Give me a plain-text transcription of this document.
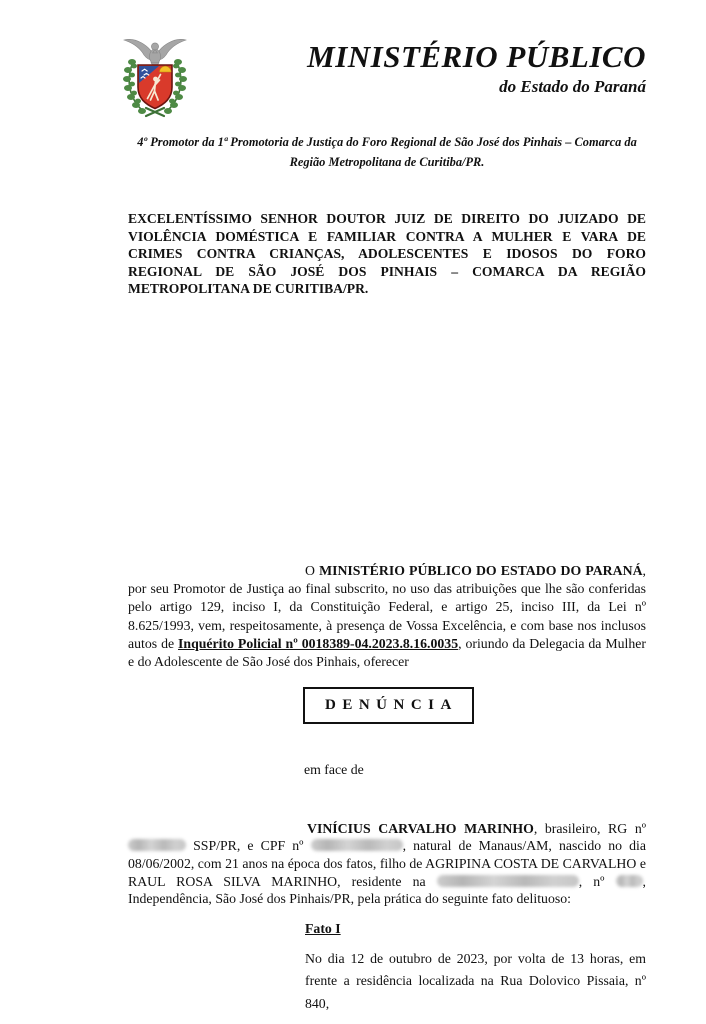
MINISTÉRIO PÚBLICO
do Estado do Paraná
4º Promotor da 1ª Promotoria de Justiça do Foro Regional de São José dos Pinhais – Comarca da Região Metropolitana de Curitiba/PR.
EXCELENTÍSSIMO SENHOR DOUTOR JUIZ DE DIREITO DO JUIZADO DE VIOLÊNCIA DOMÉSTICA E FAMILIAR CONTRA A MULHER E VARA DE CRIMES CONTRA CRIANÇAS, ADOLESCENTES E IDOSOS DO FORO REGIONAL DE SÃO JOSÉ DOS PINHAIS – COMARCA DA REGIÃO METROPOLITANA DE CURITIBA/PR.

O MINISTÉRIO PÚBLICO DO ESTADO DO PARANÁ, por seu Promotor de Justiça ao final subscrito, no uso das atribuições que lhe são conferidas pelo artigo 129, inciso I, da Constituição Federal, e artigo 25, inciso III, da Lei nº 8.625/1993, vem, respeitosamente, à presença de Vossa Excelência, e com base nos inclusos autos de Inquérito Policial nº 0018389-04.2023.8.16.0035, oriundo da Delegacia da Mulher e do Adolescente de São José dos Pinhais, oferecer

DENÚNCIA
em face de

VINÍCIUS CARVALHO MARINHO, brasileiro, RG nº  SSP/PR, e CPF nº	, natural de Manaus/AM, nascido no dia 08/06/2002, com 21 anos na época dos fatos, filho de AGRIPINA COSTA DE CARVALHO e RAUL ROSA SILVA MARINHO, residente na	, nº , Independência, São José dos Pinhais/PR, pela prática do seguinte fato delituoso:

Fato I

No dia 12 de outubro de 2023, por volta de 13 horas, em frente a residência localizada na Rua Dolovico Pissaia, nº 840,
